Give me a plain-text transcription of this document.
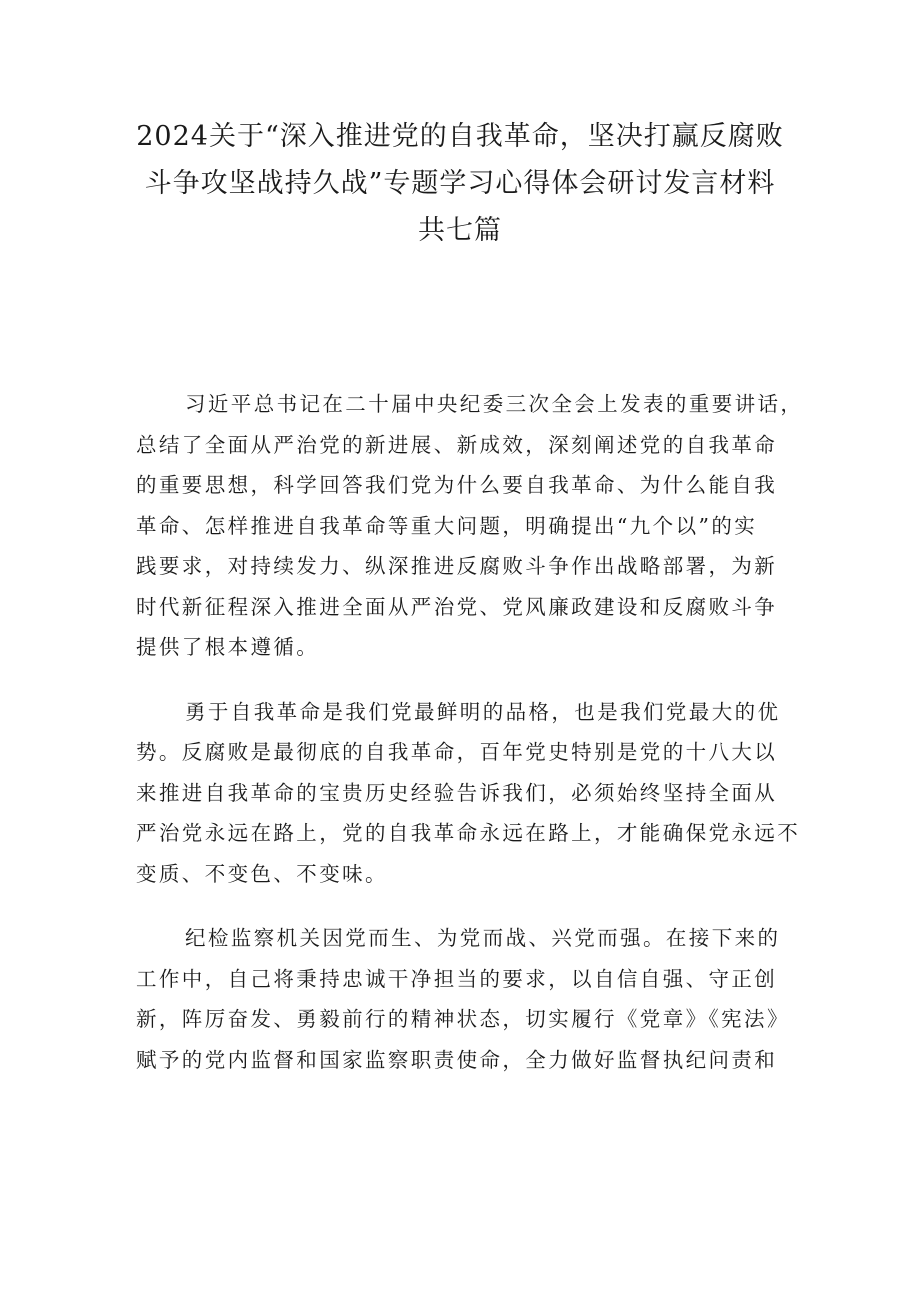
2024关于“深入推进党的自我革命，坚决打赢反腐败
斗争攻坚战持久战”专题学习心得体会研讨发言材料
共七篇

习近平总书记在二十届中央纪委三次全会上发表的重要讲话，
总结了全面从严治党的新进展、新成效，深刻阐述党的自我革命
的重要思想，科学回答我们党为什么要自我革命、为什么能自我
革命、怎样推进自我革命等重大问题，明确提出“九个以”的实
践要求，对持续发力、纵深推进反腐败斗争作出战略部署，为新
时代新征程深入推进全面从严治党、党风廉政建设和反腐败斗争
提供了根本遵循。

勇于自我革命是我们党最鲜明的品格，也是我们党最大的优
势。反腐败是最彻底的自我革命，百年党史特别是党的十八大以
来推进自我革命的宝贵历史经验告诉我们，必须始终坚持全面从
严治党永远在路上，党的自我革命永远在路上，才能确保党永远不
变质、不变色、不变味。

纪检监察机关因党而生、为党而战、兴党而强。在接下来的
工作中，自己将秉持忠诚干净担当的要求，以自信自强、守正创
新，阵厉奋发、勇毅前行的精神状态，切实履行《党章》《宪法》
赋予的党内监督和国家监察职责使命，全力做好监督执纪问责和
